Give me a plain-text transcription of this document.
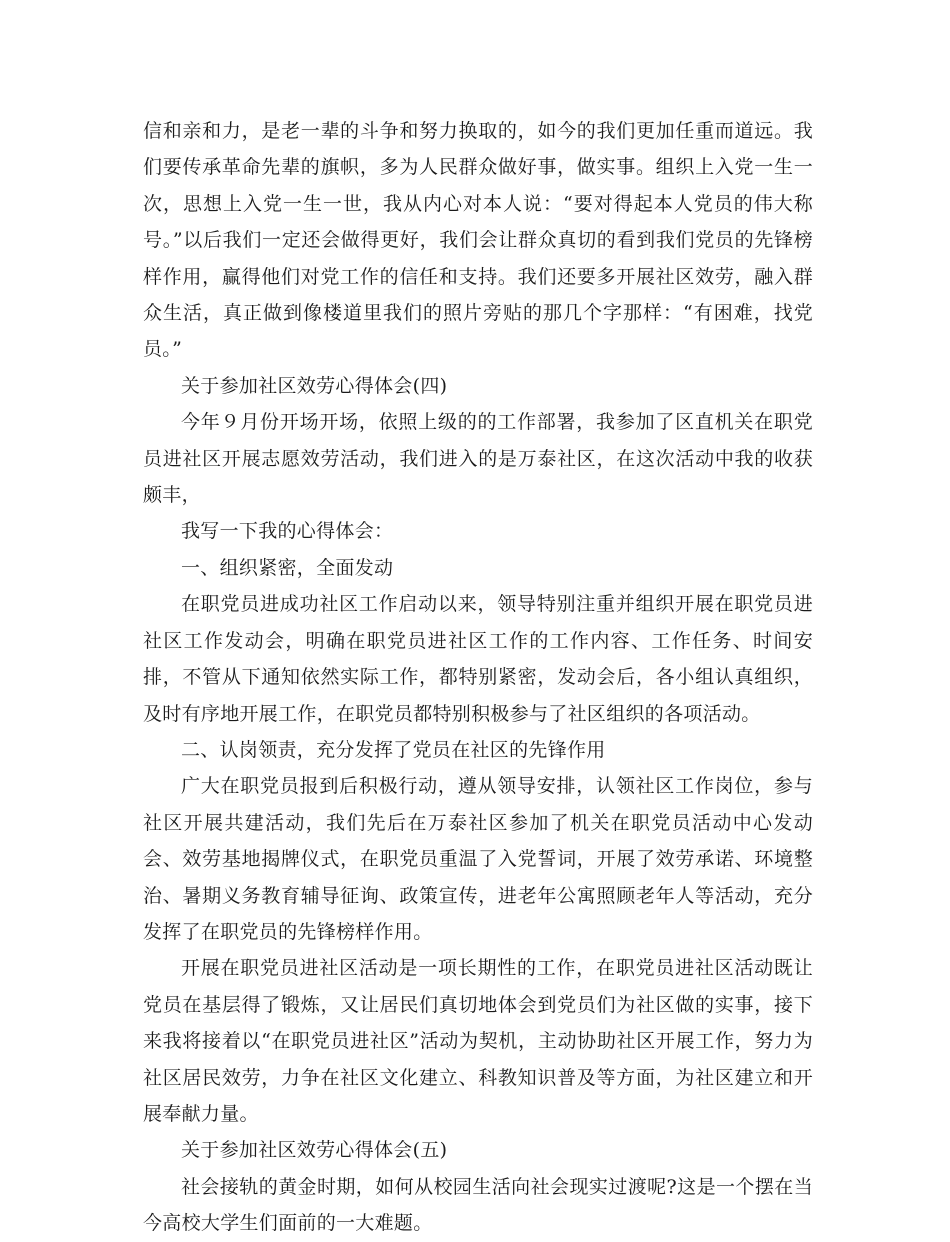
信和亲和力，是老一辈的斗争和努力换取的，如今的我们更加任重而道远。我们要传承革命先辈的旗帜，多为人民群众做好事，做实事。组织上入党一生一次，思想上入党一生一世，我从内心对本人说：“要对得起本人党员的伟大称号。”以后我们一定还会做得更好，我们会让群众真切的看到我们党员的先锋榜样作用，赢得他们对党工作的信任和支持。我们还要多开展社区效劳，融入群众生活，真正做到像楼道里我们的照片旁贴的那几个字那样：“有困难，找党员。”

关于参加社区效劳心得体会(四)

今年９月份开场开场，依照上级的的工作部署，我参加了区直机关在职党员进社区开展志愿效劳活动，我们进入的是万泰社区，在这次活动中我的收获颇丰，

我写一下我的心得体会：

一、组织紧密，全面发动

在职党员进成功社区工作启动以来，领导特别注重并组织开展在职党员进社区工作发动会，明确在职党员进社区工作的工作内容、工作任务、时间安排，不管从下通知依然实际工作，都特别紧密，发动会后，各小组认真组织，及时有序地开展工作，在职党员都特别积极参与了社区组织的各项活动。

二、认岗领责，充分发挥了党员在社区的先锋作用

广大在职党员报到后积极行动，遵从领导安排，认领社区工作岗位，参与社区开展共建活动，我们先后在万泰社区参加了机关在职党员活动中心发动会、效劳基地揭牌仪式，在职党员重温了入党誓词，开展了效劳承诺、环境整治、暑期义务教育辅导征询、政策宣传，进老年公寓照顾老年人等活动，充分发挥了在职党员的先锋榜样作用。

开展在职党员进社区活动是一项长期性的工作，在职党员进社区活动既让党员在基层得了锻炼，又让居民们真切地体会到党员们为社区做的实事，接下来我将接着以“在职党员进社区”活动为契机，主动协助社区开展工作，努力为社区居民效劳，力争在社区文化建立、科教知识普及等方面，为社区建立和开展奉献力量。

关于参加社区效劳心得体会(五)

社会接轨的黄金时期，如何从校园生活向社会现实过渡呢?这是一个摆在当今高校大学生们面前的一大难题。
